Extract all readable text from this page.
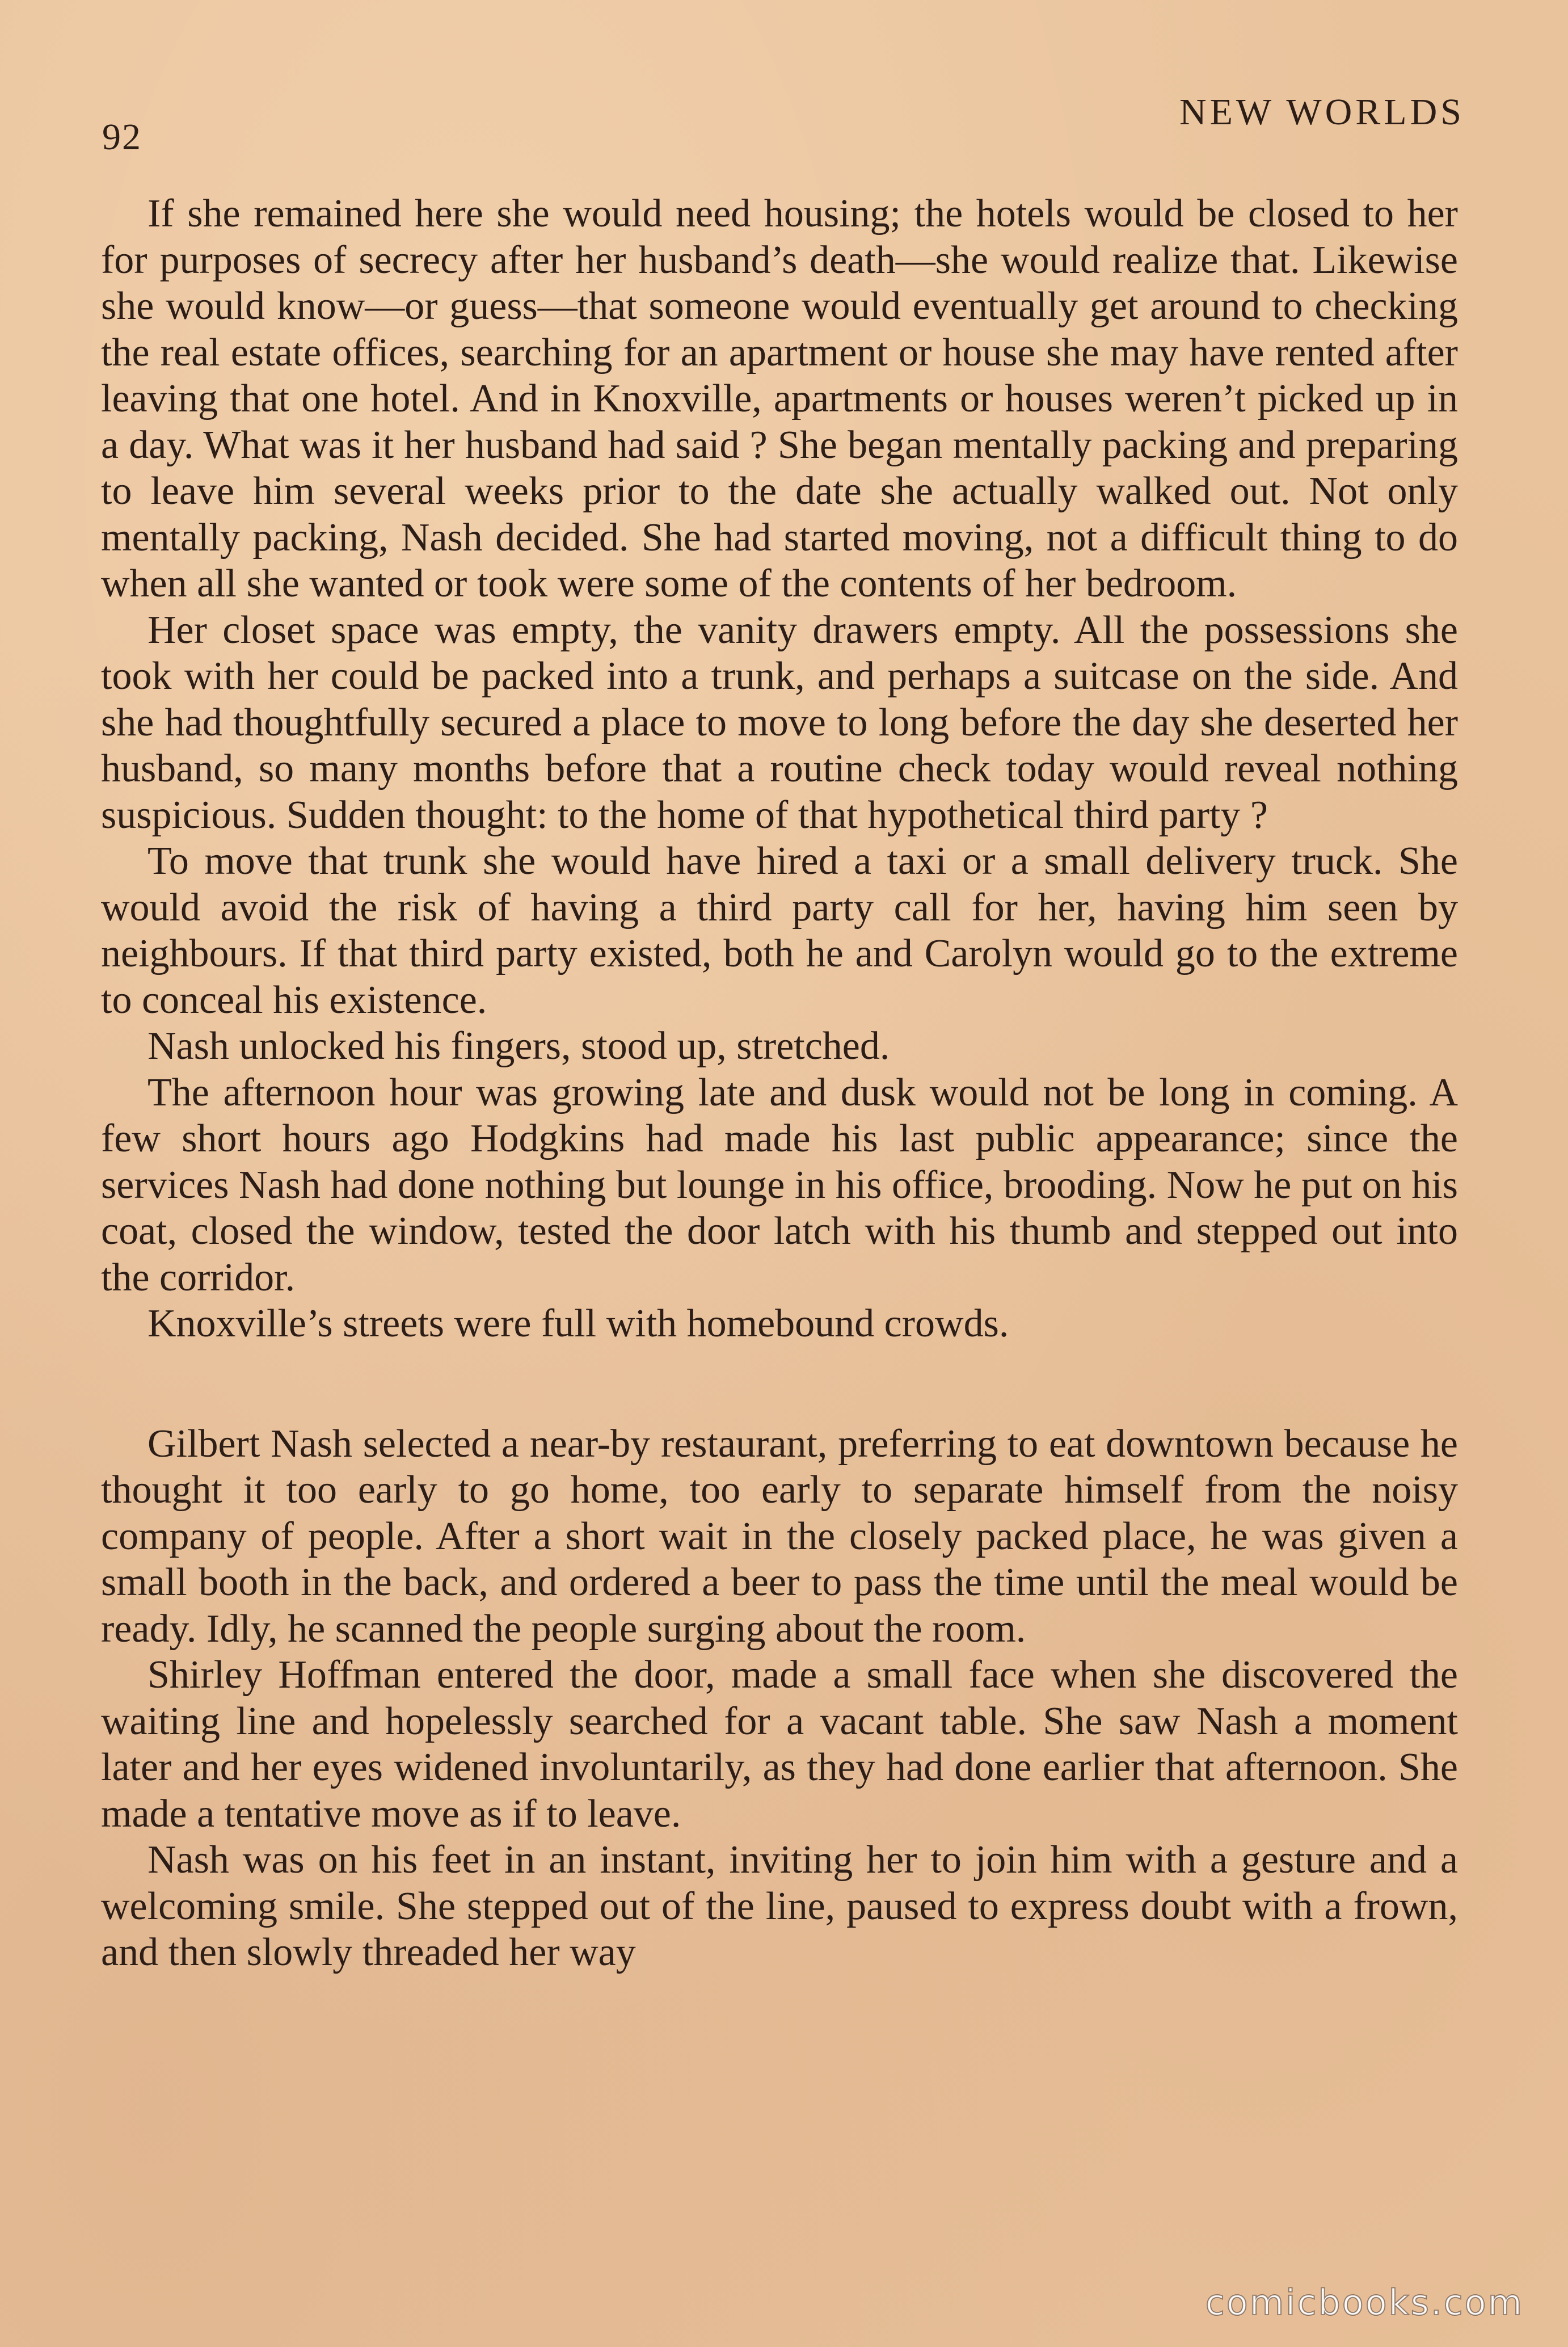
92
NEW WORLDS

If she remained here she would need housing; the hotels would be closed to her for purposes of secrecy after her husband’s death—she would realize that. Likewise she would know—or guess—that someone would eventually get around to checking the real estate offices, searching for an apartment or house she may have rented after leaving that one hotel. And in Knoxville, apartments or houses weren’t picked up in a day. What was it her husband had said ? She began mentally packing and preparing to leave him several weeks prior to the date she actually walked out. Not only mentally packing, Nash decided. She had started moving, not a difficult thing to do when all she wanted or took were some of the contents of her bedroom.

Her closet space was empty, the vanity drawers empty. All the possessions she took with her could be packed into a trunk, and perhaps a suitcase on the side. And she had thoughtfully secured a place to move to long before the day she deserted her husband, so many months before that a routine check today would reveal nothing suspicious. Sudden thought: to the home of that hypothetical third party ?

To move that trunk she would have hired a taxi or a small delivery truck. She would avoid the risk of having a third party call for her, having him seen by neighbours. If that third party existed, both he and Carolyn would go to the extreme to conceal his existence.

Nash unlocked his fingers, stood up, stretched.

The afternoon hour was growing late and dusk would not be long in coming. A few short hours ago Hodgkins had made his last public appearance; since the services Nash had done nothing but lounge in his office, brooding. Now he put on his coat, closed the window, tested the door latch with his thumb and stepped out into the corridor.

Knoxville’s streets were full with homebound crowds.

Gilbert Nash selected a near-by restaurant, preferring to eat downtown because he thought it too early to go home, too early to separate himself from the noisy company of people. After a short wait in the closely packed place, he was given a small booth in the back, and ordered a beer to pass the time until the meal would be ready. Idly, he scanned the people surging about the room.

Shirley Hoffman entered the door, made a small face when she discovered the waiting line and hopelessly searched for a vacant table. She saw Nash a moment later and her eyes widened involuntarily, as they had done earlier that afternoon. She made a tentative move as if to leave.

Nash was on his feet in an instant, inviting her to join him with a gesture and a welcoming smile. She stepped out of the line, paused to express doubt with a frown, and then slowly threaded her way

comicbooks.com
